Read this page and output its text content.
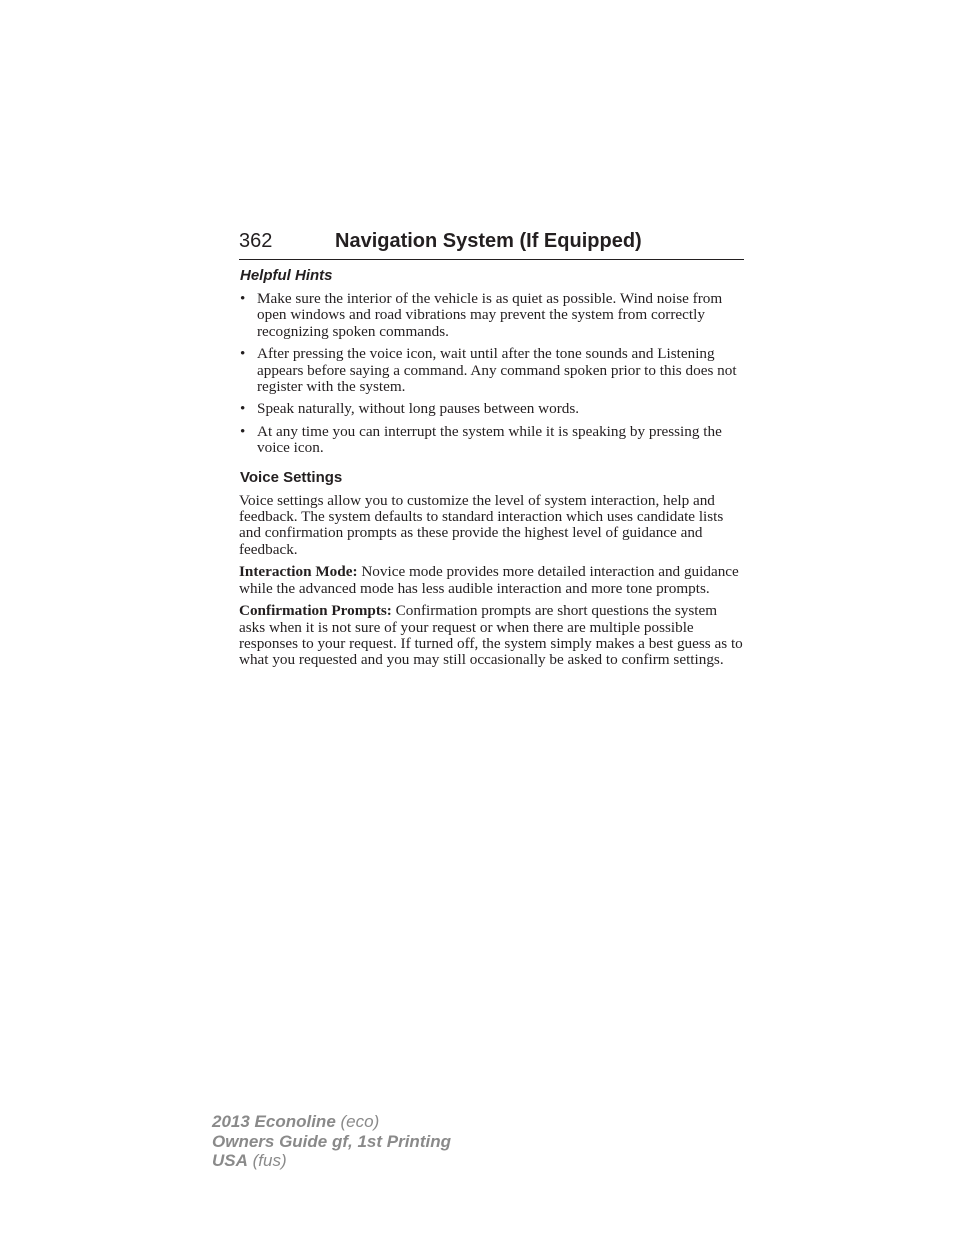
362	Navigation System (If Equipped)
Helpful Hints
• Make sure the interior of the vehicle is as quiet as possible. Wind noise from open windows and road vibrations may prevent the system from correctly recognizing spoken commands.
• After pressing the voice icon, wait until after the tone sounds and Listening appears before saying a command. Any command spoken prior to this does not register with the system.
• Speak naturally, without long pauses between words.
• At any time you can interrupt the system while it is speaking by pressing the voice icon.
Voice Settings

Voice settings allow you to customize the level of system interaction, help and feedback. The system defaults to standard interaction which uses candidate lists and confirmation prompts as these provide the highest level of guidance and feedback.

Interaction Mode: Novice mode provides more detailed interaction and guidance while the advanced mode has less audible interaction and more tone prompts.

Confirmation Prompts: Confirmation prompts are short questions the system asks when it is not sure of your request or when there are multiple possible responses to your request. If turned off, the system simply makes a best guess as to what you requested and you may still occasionally be asked to confirm settings.

2013 Econoline (eco)
Owners Guide gf, 1st Printing
USA (fus)
